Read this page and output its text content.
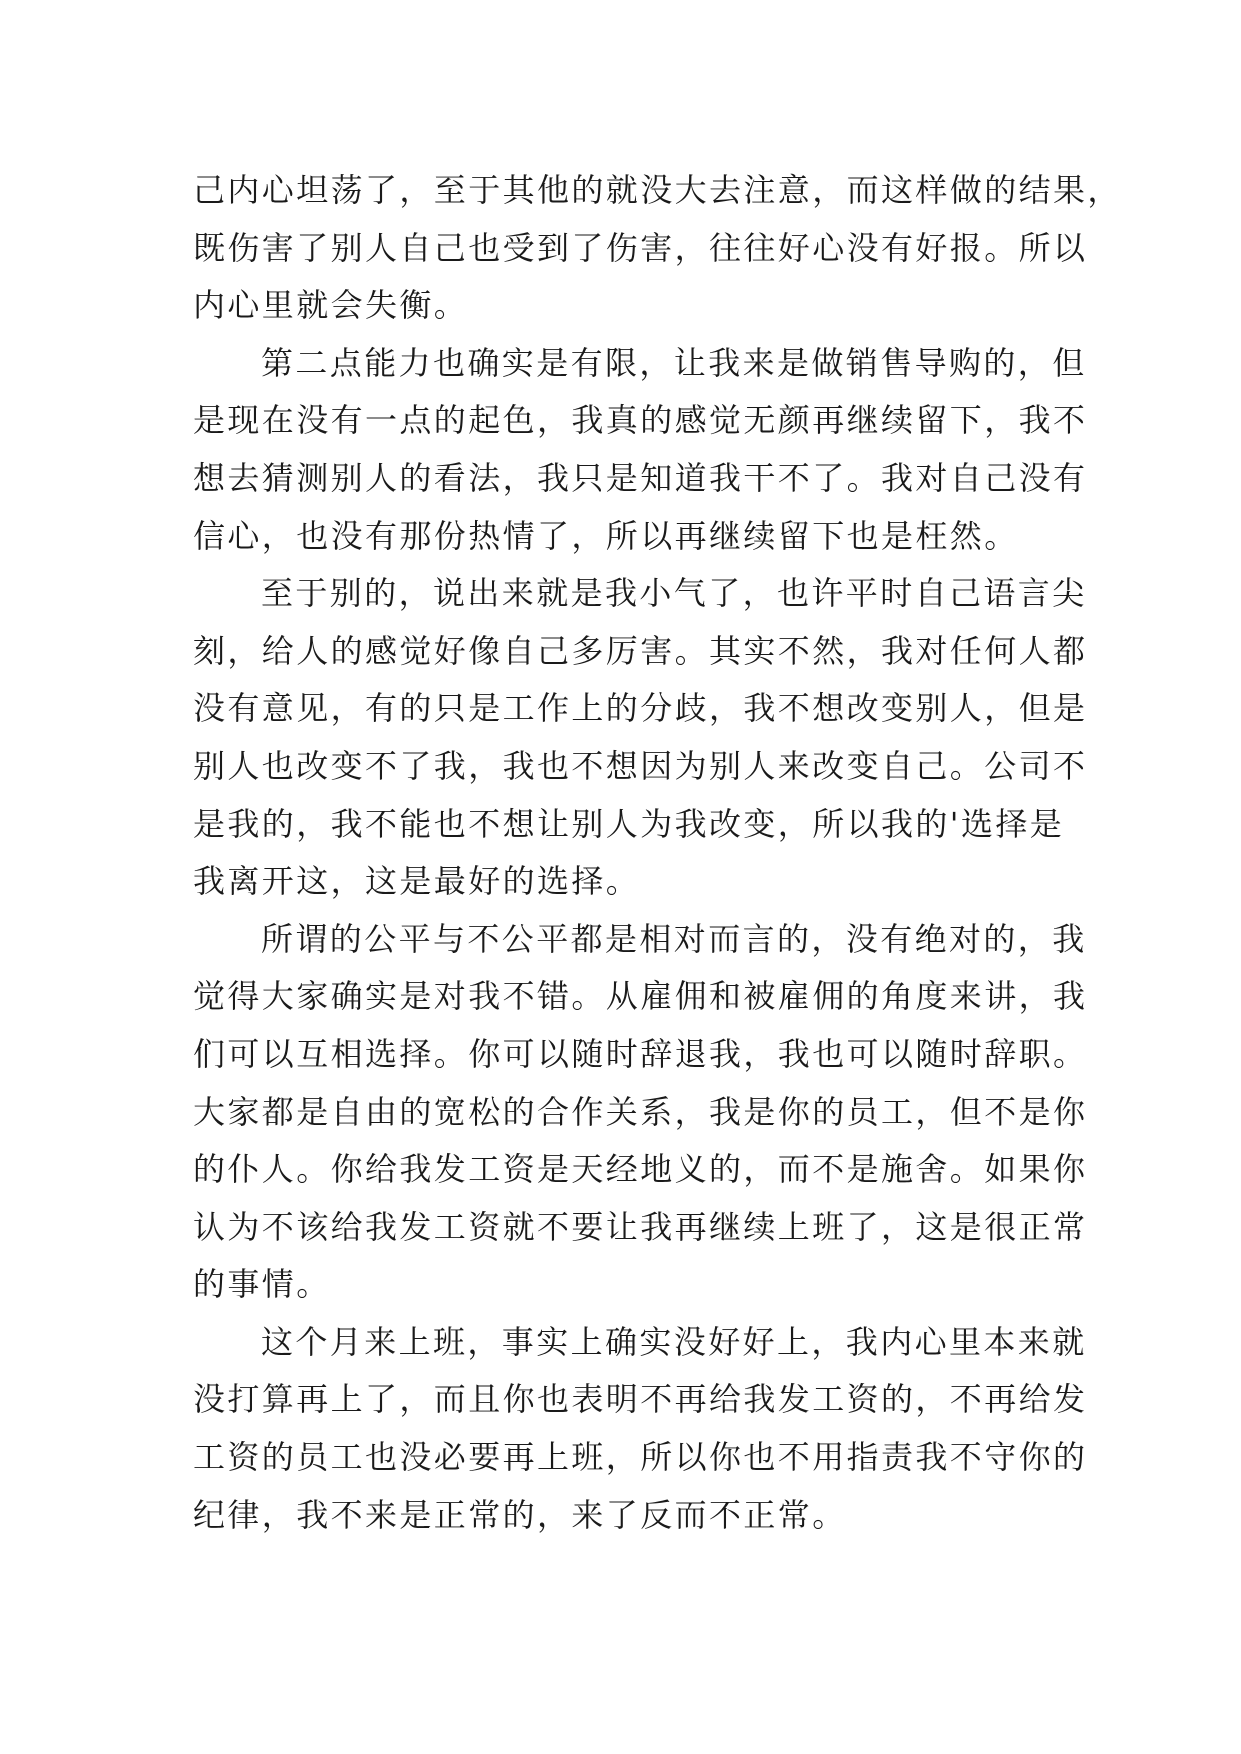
己内心坦荡了，至于其他的就没大去注意，而这样做的结果，
既伤害了别人自己也受到了伤害，往往好心没有好报。所以
内心里就会失衡。
第二点能力也确实是有限，让我来是做销售导购的，但
是现在没有一点的起色，我真的感觉无颜再继续留下，我不
想去猜测别人的看法，我只是知道我干不了。我对自己没有
信心，也没有那份热情了，所以再继续留下也是枉然。
至于别的，说出来就是我小气了，也许平时自己语言尖
刻，给人的感觉好像自己多厉害。其实不然，我对任何人都
没有意见，有的只是工作上的分歧，我不想改变别人，但是
别人也改变不了我，我也不想因为别人来改变自己。公司不
是我的，我不能也不想让别人为我改变，所以我的'选择是
我离开这，这是最好的选择。
所谓的公平与不公平都是相对而言的，没有绝对的，我
觉得大家确实是对我不错。从雇佣和被雇佣的角度来讲，我
们可以互相选择。你可以随时辞退我，我也可以随时辞职。
大家都是自由的宽松的合作关系，我是你的员工，但不是你
的仆人。你给我发工资是天经地义的，而不是施舍。如果你
认为不该给我发工资就不要让我再继续上班了，这是很正常
的事情。
这个月来上班，事实上确实没好好上，我内心里本来就
没打算再上了，而且你也表明不再给我发工资的，不再给发
工资的员工也没必要再上班，所以你也不用指责我不守你的
纪律，我不来是正常的，来了反而不正常。
